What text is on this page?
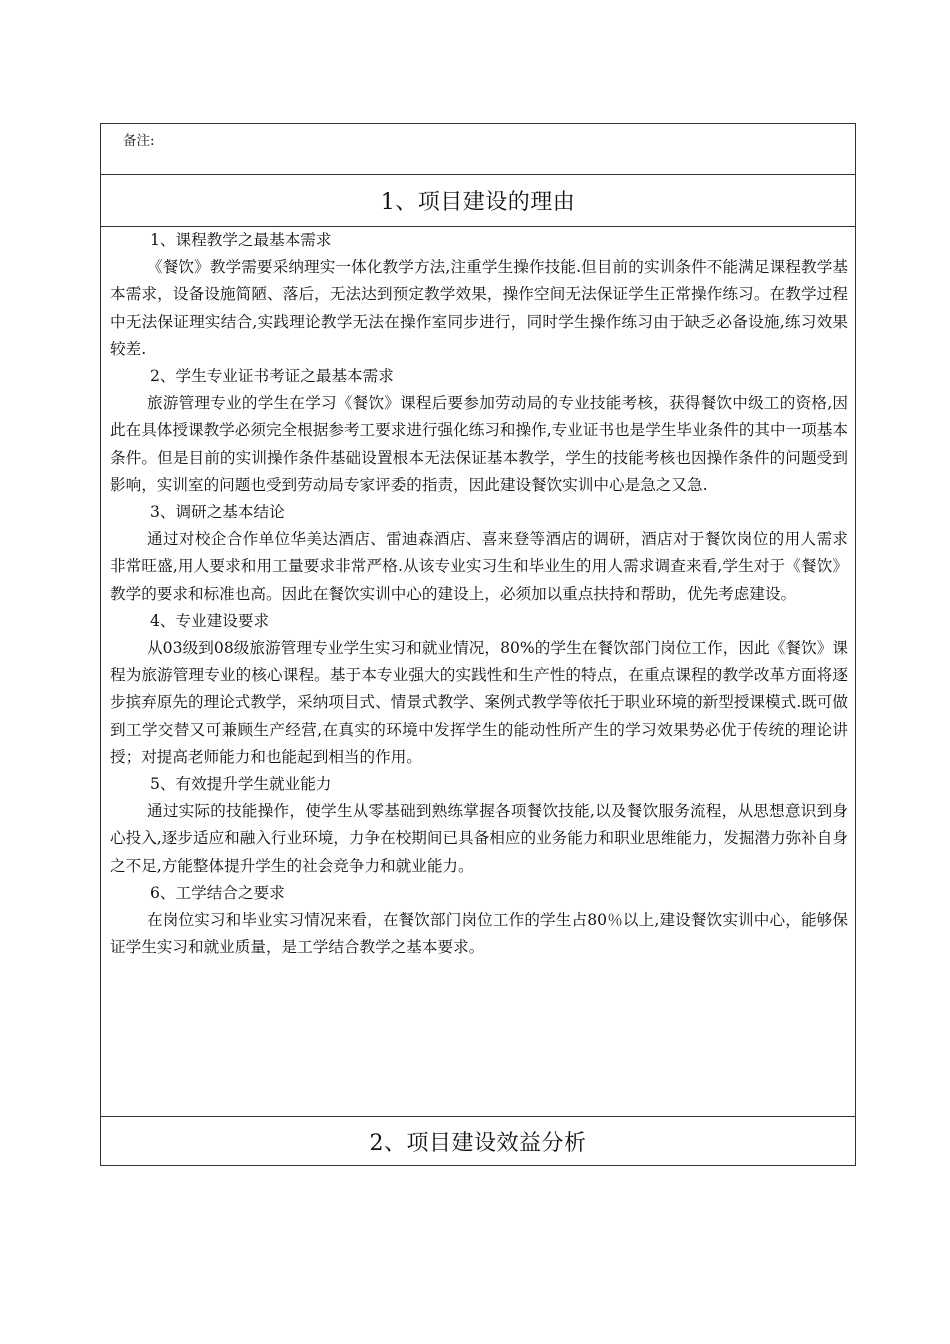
备注:
1、项目建设的理由

1、课程教学之最基本需求

《餐饮》教学需要采纳理实一体化教学方法,注重学生操作技能.但目前的实训条件不能满足课程教学基本需求，设备设施简陋、落后，无法达到预定教学效果，操作空间无法保证学生正常操作练习。在教学过程中无法保证理实结合,实践理论教学无法在操作室同步进行，同时学生操作练习由于缺乏必备设施,练习效果较差.

2、学生专业证书考证之最基本需求

旅游管理专业的学生在学习《餐饮》课程后要参加劳动局的专业技能考核，获得餐饮中级工的资格,因此在具体授课教学必须完全根据参考工要求进行强化练习和操作,专业证书也是学生毕业条件的其中一项基本条件。但是目前的实训操作条件基础设置根本无法保证基本教学，学生的技能考核也因操作条件的问题受到影响，实训室的问题也受到劳动局专家评委的指责，因此建设餐饮实训中心是急之又急.

3、调研之基本结论

通过对校企合作单位华美达酒店、雷迪森酒店、喜来登等酒店的调研，酒店对于餐饮岗位的用人需求非常旺盛,用人要求和用工量要求非常严格.从该专业实习生和毕业生的用人需求调查来看,学生对于《餐饮》教学的要求和标准也高。因此在餐饮实训中心的建设上，必须加以重点扶持和帮助，优先考虑建设。

4、专业建设要求

从03级到08级旅游管理专业学生实习和就业情况，80%的学生在餐饮部门岗位工作，因此《餐饮》课程为旅游管理专业的核心课程。基于本专业强大的实践性和生产性的特点，在重点课程的教学改革方面将逐步摈弃原先的理论式教学，采纳项目式、情景式教学、案例式教学等依托于职业环境的新型授课模式.既可做到工学交替又可兼顾生产经营,在真实的环境中发挥学生的能动性所产生的学习效果势必优于传统的理论讲授；对提高老师能力和也能起到相当的作用。

5、有效提升学生就业能力

通过实际的技能操作，使学生从零基础到熟练掌握各项餐饮技能,以及餐饮服务流程，从思想意识到身心投入,逐步适应和融入行业环境，力争在校期间已具备相应的业务能力和职业思维能力，发掘潜力弥补自身之不足,方能整体提升学生的社会竞争力和就业能力。

6、工学结合之要求

在岗位实习和毕业实习情况来看，在餐饮部门岗位工作的学生占80％以上,建设餐饮实训中心，能够保证学生实习和就业质量，是工学结合教学之基本要求。

2、项目建设效益分析
